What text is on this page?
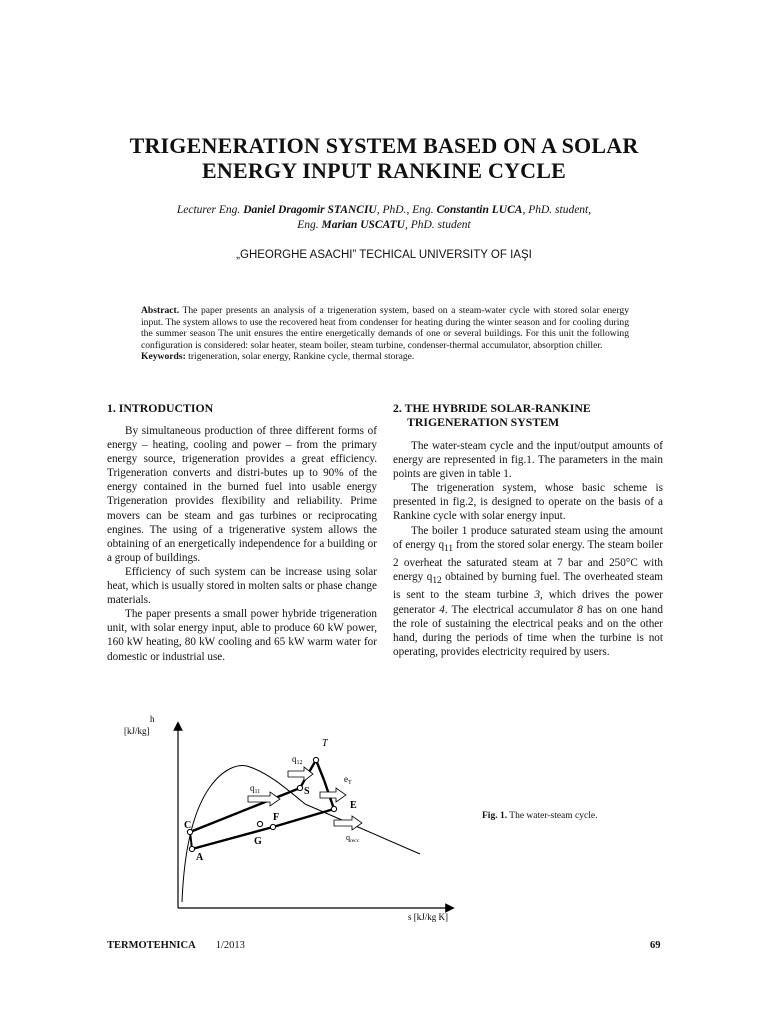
TRIGENERATION SYSTEM BASED ON A SOLAR
ENERGY INPUT RANKINE CYCLE
Lecturer Eng. Daniel Dragomir STANCIU, PhD., Eng. Constantin LUCA, PhD. student,
Eng. Marian USCATU, PhD. student
„GHEORGHE ASACHI” TECHICAL UNIVERSITY OF IAŞI
Abstract. The paper presents an analysis of a trigeneration system, based on a steam-water cycle with stored solar energy input. The system allows to use the recovered heat from condenser for heating during the winter season and for cooling during the summer season The unit ensures the entire energetically demands of one or several buildings. For this unit the following configuration is considered: solar heater, steam boiler, steam turbine, condenser-thermal accumulator, absorption chiller.
Keywords: trigeneration, solar energy, Rankine cycle, thermal storage.
1. INTRODUCTION

By simultaneous production of three different forms of energy – heating, cooling and power – from the primary energy source, trigeneration provides a great efficiency. Trigeneration converts and distri-butes up to 90% of the energy contained in the burned fuel into usable energy Trigeneration provides flexibility and reliability. Prime movers can be steam and gas turbines or reciprocating engines. The using of a trigenerative system allows the obtaining of an energetically independence for a building or a group of buildings.

Efficiency of such system can be increase using solar heat, which is usually stored in molten salts or phase change materials.

The paper presents a small power hybride trigeneration unit, with solar energy input, able to produce 60 kW power, 160 kW heating, 80 kW cooling and 65 kW warm water for domestic or industrial use.

2. THE HYBRIDE SOLAR-RANKINE
TRIGENERATION SYSTEM

The water-steam cycle and the input/output amounts of energy are represented in fig.1. The parameters in the main points are given in table 1.

The trigeneration system, whose basic scheme is presented in fig.2, is designed to operate on the basis of a Rankine cycle with solar energy input.

The boiler 1 produce saturated steam using the amount of energy $q_{11}$ from the stored solar energy. The steam boiler 2 overheat the saturated steam at 7 bar and 250°C with energy $q_{12}$ obtained by burning fuel. The overheated steam is sent to the steam turbine 3, which drives the power generator 4. The electrical accumulator 8 has on one hand the role of sustaining the electrical peaks and on the other hand, during the periods of time when the turbine is not operating, provides electricity required by users.

h
[kJ/kg]
s [kJ/kg K]
A
C
F
G
S
T
E
$q_{11}$
$q_{12}$
$e_T$
$q_{recc}$
Fig. 1. The water-steam cycle.
TERMOTEHNICA 1/2013	69
